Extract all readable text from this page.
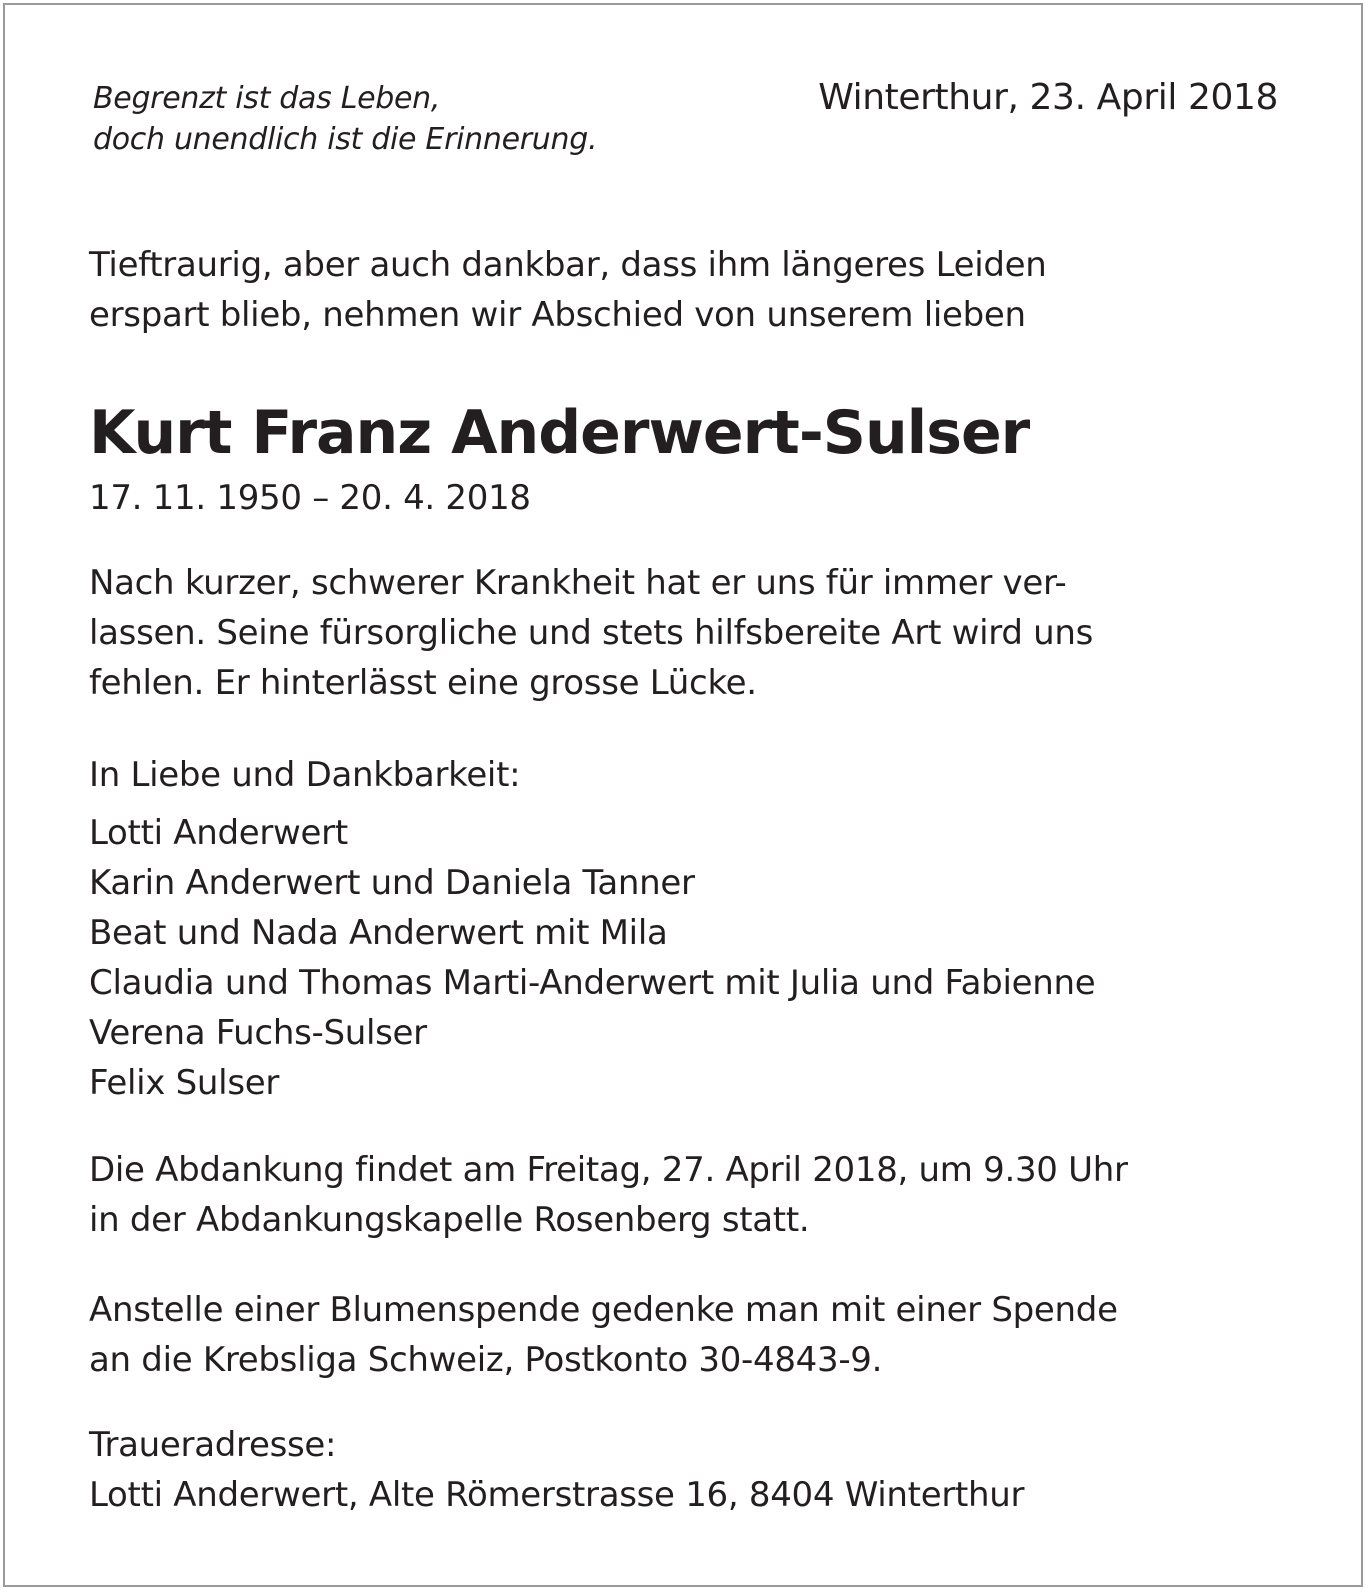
Begrenzt ist das Leben,
doch unendlich ist die Erinnerung.
Winterthur, 23. April 2018
Tieftraurig, aber auch dankbar, dass ihm längeres Leiden
erspart blieb, nehmen wir Abschied von unserem lieben
Kurt Franz Anderwert-Sulser
17. 11. 1950 – 20. 4. 2018
Nach kurzer, schwerer Krankheit hat er uns für immer ver-
lassen. Seine fürsorgliche und stets hilfsbereite Art wird uns
fehlen. Er hinterlässt eine grosse Lücke.
In Liebe und Dankbarkeit:
Lotti Anderwert
Karin Anderwert und Daniela Tanner
Beat und Nada Anderwert mit Mila
Claudia und Thomas Marti-Anderwert mit Julia und Fabienne
Verena Fuchs-Sulser
Felix Sulser
Die Abdankung findet am Freitag, 27. April 2018, um 9.30 Uhr
in der Abdankungskapelle Rosenberg statt.
Anstelle einer Blumenspende gedenke man mit einer Spende
an die Krebsliga Schweiz, Postkonto 30-4843-9.
Traueradresse:
Lotti Anderwert, Alte Römerstrasse 16, 8404 Winterthur
